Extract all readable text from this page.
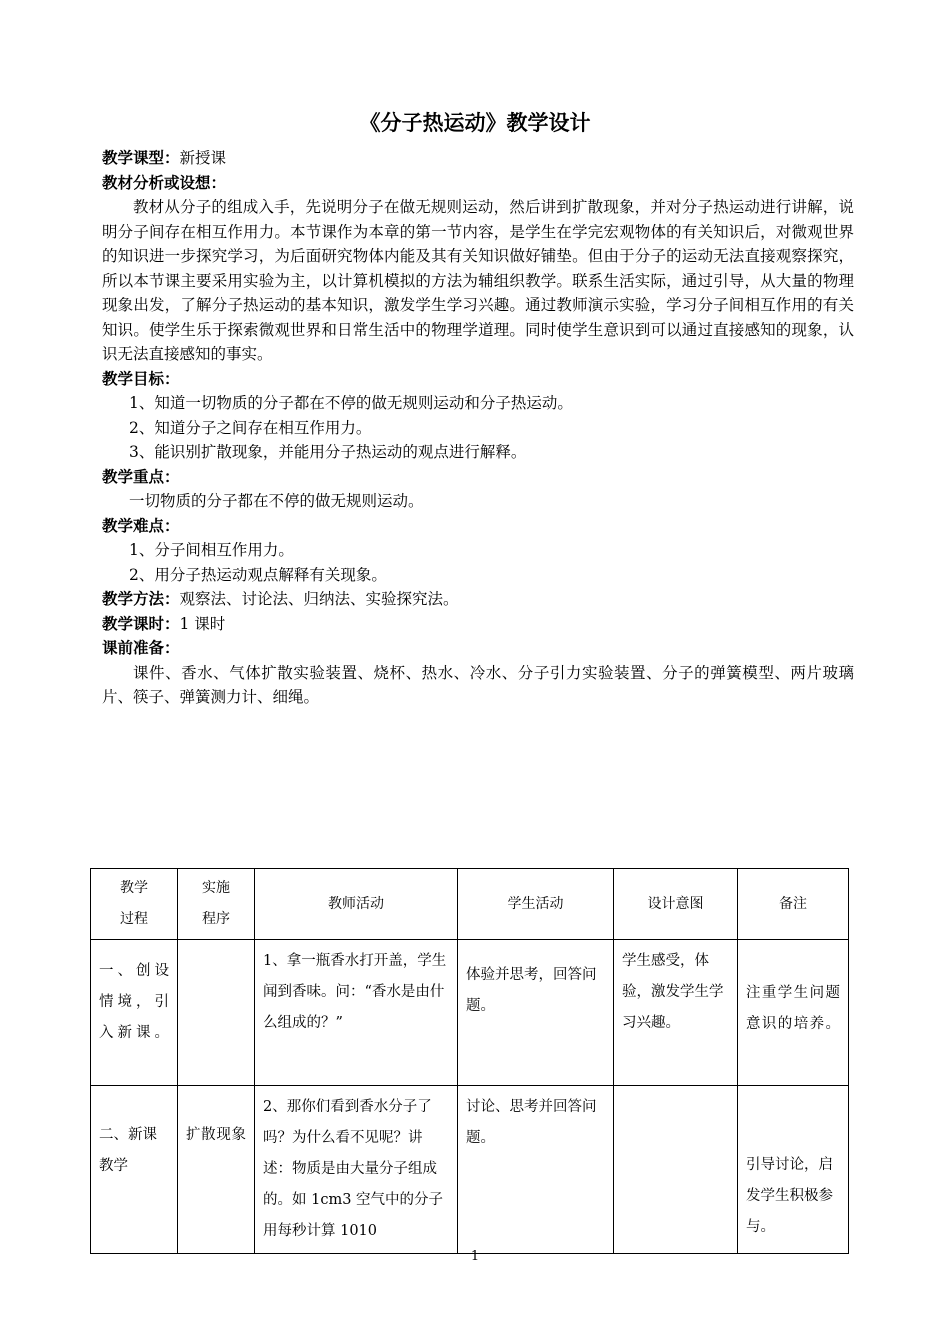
《分子热运动》教学设计

教学课型：新授课

教材分析或设想：

教材从分子的组成入手，先说明分子在做无规则运动，然后讲到扩散现象，并对分子热运动进行讲解，说明分子间存在相互作用力。本节课作为本章的第一节内容，是学生在学完宏观物体的有关知识后，对微观世界的知识进一步探究学习，为后面研究物体内能及其有关知识做好铺垫。但由于分子的运动无法直接观察探究，所以本节课主要采用实验为主，以计算机模拟的方法为辅组织教学。联系生活实际，通过引导，从大量的物理现象出发，了解分子热运动的基本知识，激发学生学习兴趣。通过教师演示实验，学习分子间相互作用的有关知识。使学生乐于探索微观世界和日常生活中的物理学道理。同时使学生意识到可以通过直接感知的现象，认识无法直接感知的事实。

教学目标：

1、知道一切物质的分子都在不停的做无规则运动和分子热运动。

2、知道分子之间存在相互作用力。

3、能识别扩散现象，并能用分子热运动的观点进行解释。

教学重点：

一切物质的分子都在不停的做无规则运动。

教学难点：

1、分子间相互作用力。

2、用分子热运动观点解释有关现象。

教学方法：观察法、讨论法、归纳法、实验探究法。

教学课时：1 课时

课前准备：

课件、香水、气体扩散实验装置、烧杯、热水、冷水、分子引力实验装置、分子的弹簧模型、两片玻璃片、筷子、弹簧测力计、细绳。

教学过程	实施程序	教师活动	学生活动	设计意图	备注
一、创设情境，引入新课。		1、拿一瓶香水打开盖，学生闻到香味。问：“香水是由什么组成的？”	体验并思考，回答问题。	学生感受，体验，激发学生学习兴趣。	注重学生问题意识的培养。
二、新课教学	扩散现象	2、那你们看到香水分子了吗？为什么看不见呢？讲述：物质是由大量分子组成的。如 1cm3 空气中的分子用每秒计算 1010	讨论、思考并回答问题。		引导讨论，启发学生积极参与。
1
